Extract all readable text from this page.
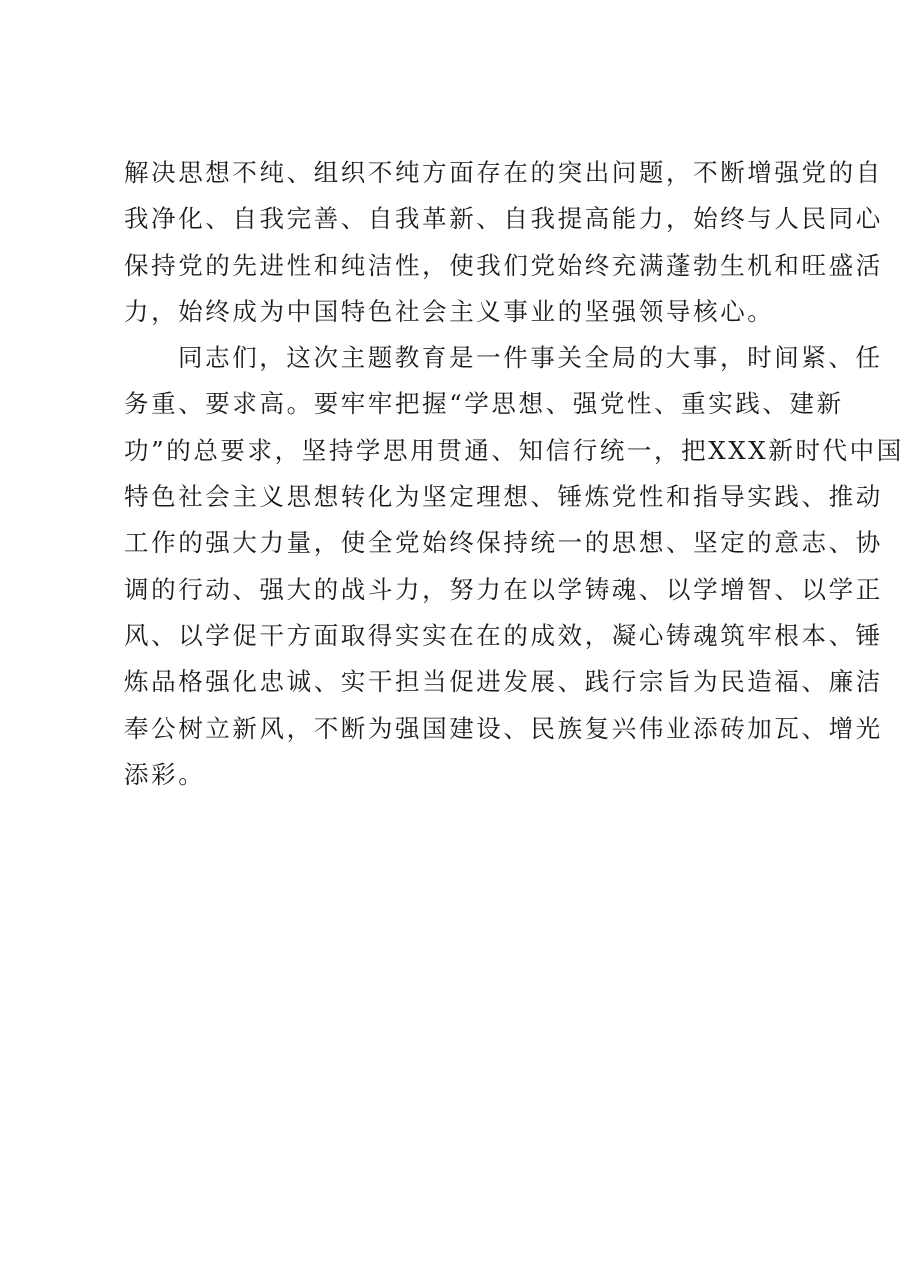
解决思想不纯、组织不纯方面存在的突出问题，不断增强党的自
我净化、自我完善、自我革新、自我提高能力，始终与人民同心
保持党的先进性和纯洁性，使我们党始终充满蓬勃生机和旺盛活
力，始终成为中国特色社会主义事业的坚强领导核心。
同志们，这次主题教育是一件事关全局的大事，时间紧、任
务重、要求高。要牢牢把握“学思想、强党性、重实践、建新
功”的总要求，坚持学思用贯通、知信行统一，把XXX新时代中国
特色社会主义思想转化为坚定理想、锤炼党性和指导实践、推动
工作的强大力量，使全党始终保持统一的思想、坚定的意志、协
调的行动、强大的战斗力，努力在以学铸魂、以学增智、以学正
风、以学促干方面取得实实在在的成效，凝心铸魂筑牢根本、锤
炼品格强化忠诚、实干担当促进发展、践行宗旨为民造福、廉洁
奉公树立新风，不断为强国建设、民族复兴伟业添砖加瓦、增光
添彩。
